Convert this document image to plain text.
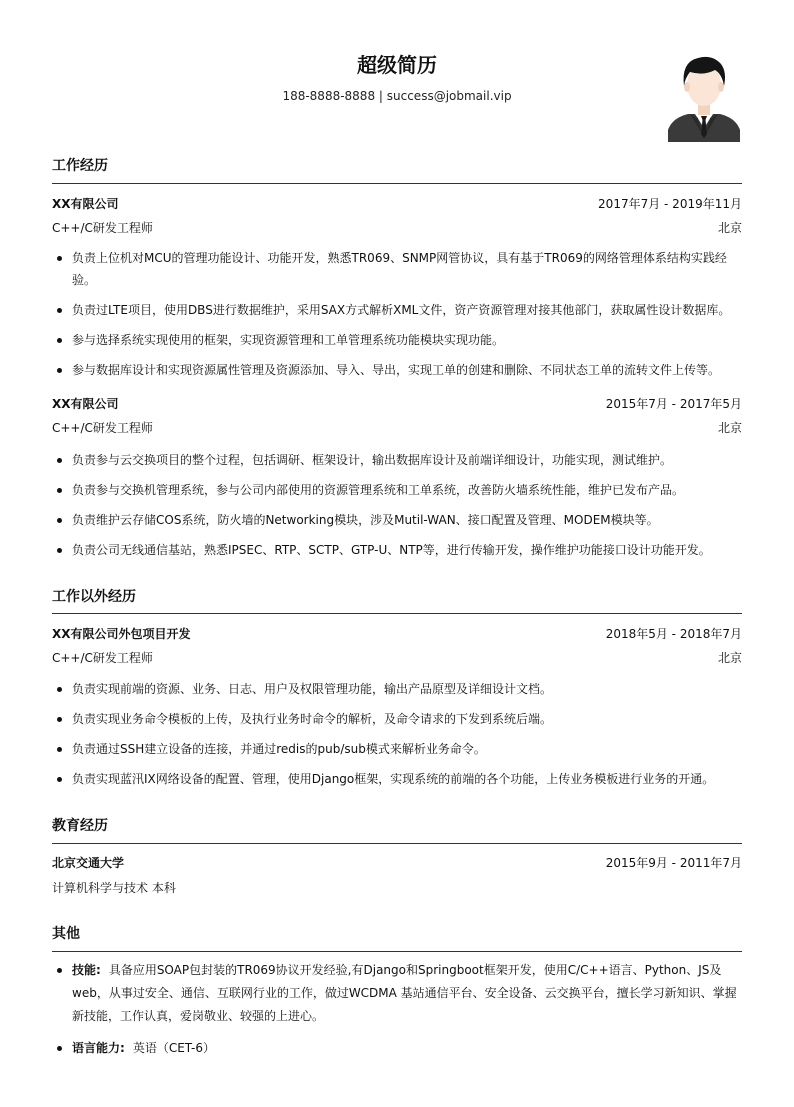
超级简历
188-8888-8888 | success@jobmail.vip
工作经历
XX有限公司	2017年7月 - 2019年11月
C++/C研发工程师	北京
负责上位机对MCU的管理功能设计、功能开发，熟悉TR069、SNMP网管协议，具有基于TR069的网络管理体系结构实践经验。
负责过LTE项目，使用DBS进行数据维护，采用SAX方式解析XML文件，资产资源管理对接其他部门，获取属性设计数据库。
参与选择系统实现使用的框架，实现资源管理和工单管理系统功能模块实现功能。
参与数据库设计和实现资源属性管理及资源添加、导入、导出，实现工单的创建和删除、不同状态工单的流转文件上传等。
XX有限公司	2015年7月 - 2017年5月
C++/C研发工程师	北京
负责参与云交换项目的整个过程，包括调研、框架设计，输出数据库设计及前端详细设计，功能实现，测试维护。
负责参与交换机管理系统，参与公司内部使用的资源管理系统和工单系统，改善防火墙系统性能，维护已发布产品。
负责维护云存储COS系统，防火墙的Networking模块，涉及Mutil-WAN、接口配置及管理、MODEM模块等。
负责公司无线通信基站，熟悉IPSEC、RTP、SCTP、GTP-U、NTP等，进行传输开发，操作维护功能接口设计功能开发。
工作以外经历
XX有限公司外包项目开发	2018年5月 - 2018年7月
C++/C研发工程师	北京
负责实现前端的资源、业务、日志、用户及权限管理功能，输出产品原型及详细设计文档。
负责实现业务命令模板的上传，及执行业务时命令的解析，及命令请求的下发到系统后端。
负责通过SSH建立设备的连接，并通过redis的pub/sub模式来解析业务命令。
负责实现蓝汛IX网络设备的配置、管理，使用Django框架，实现系统的前端的各个功能，上传业务模板进行业务的开通。
教育经历
北京交通大学	2015年9月 - 2011年7月
计算机科学与技术 本科
其他
技能: 具备应用SOAP包封装的TR069协议开发经验,有Django和Springboot框架开发，使用C/C++语言、Python、JS及web，从事过安全、通信、互联网行业的工作，做过WCDMA 基站通信平台、安全设备、云交换平台，擅长学习新知识、掌握新技能，工作认真，爱岗敬业、较强的上进心。
语言能力: 英语（CET-6）
